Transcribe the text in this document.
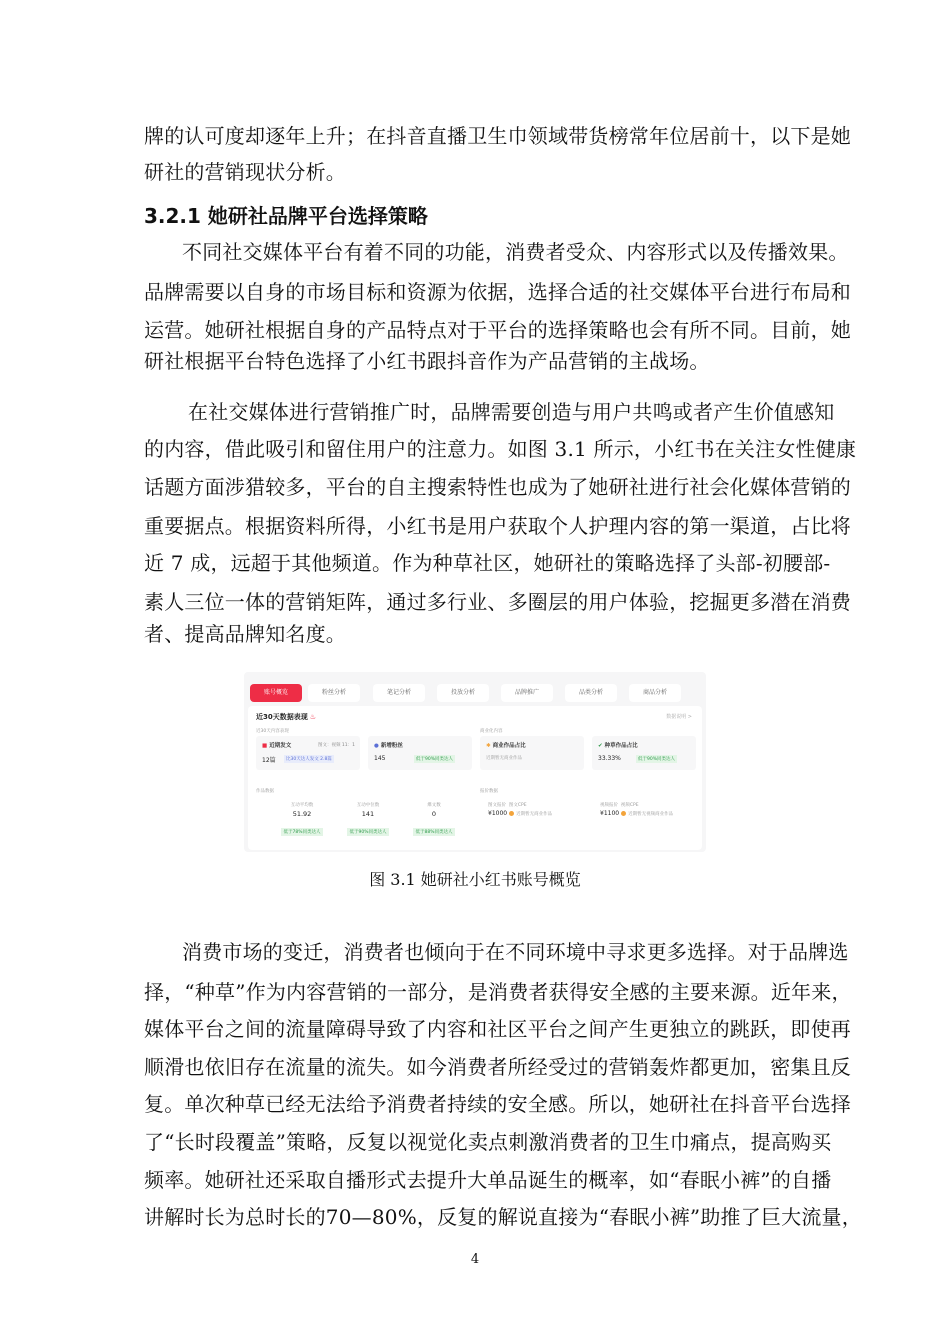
牌的认可度却逐年上升；在抖音直播卫生巾领域带货榜常年位居前十，以下是她
研社的营销现状分析。
3.2.1 她研社品牌平台选择策略
不同社交媒体平台有着不同的功能，消费者受众、内容形式以及传播效果。
品牌需要以自身的市场目标和资源为依据，选择合适的社交媒体平台进行布局和
运营。她研社根据自身的产品特点对于平台的选择策略也会有所不同。目前，她
研社根据平台特色选择了小红书跟抖音作为产品营销的主战场。
在社交媒体进行营销推广时，品牌需要创造与用户共鸣或者产生价值感知
的内容，借此吸引和留住用户的注意力。如图 3.1 所示，小红书在关注女性健康
话题方面涉猎较多，平台的自主搜索特性也成为了她研社进行社会化媒体营销的
重要据点。根据资料所得，小红书是用户获取个人护理内容的第一渠道，占比将
近 7 成，远超于其他频道。作为种草社区，她研社的策略选择了头部-初腰部-
素人三位一体的营销矩阵，通过多行业、多圈层的用户体验，挖掘更多潜在消费
者、提高品牌知名度。
账号概览	粉丝分析	笔记分析	投放分析	品牌推广	品类分析	商品分析
近30天数据表现 ♨	数据说明 >
近30天内容表现	商业化内容
■ 近期发文	图文：视频 11：1
12篇	比30天达人发文 2.8篇
● 新增粉丝
145	低于90%同类达人
✱ 商业作品占比
近期暂无商业作品
✔ 种草作品占比
33.33%	低于90%同类达人
作品数据	报价数据
互动平均数
51.92
低于78%同类达人
互动中位数
141
低于90%同类达人
爆文数
0
低于88%同类达人
图文报价 图文CPE
¥1000 近期暂无商业作品
视频报价 视频CPE
¥1100 近期暂无视频商业作品
图 3.1 她研社小红书账号概览
消费市场的变迁，消费者也倾向于在不同环境中寻求更多选择。对于品牌选
择，“种草”作为内容营销的一部分，是消费者获得安全感的主要来源。近年来，
媒体平台之间的流量障碍导致了内容和社区平台之间产生更独立的跳跃，即使再
顺滑也依旧存在流量的流失。如今消费者所经受过的营销轰炸都更加，密集且反
复。单次种草已经无法给予消费者持续的安全感。所以，她研社在抖音平台选择
了“长时段覆盖”策略，反复以视觉化卖点刺激消费者的卫生巾痛点，提高购买
频率。她研社还采取自播形式去提升大单品诞生的概率，如“春眠小裤”的自播
讲解时长为总时长的70—80%，反复的解说直接为“春眠小裤”助推了巨大流量，
4
